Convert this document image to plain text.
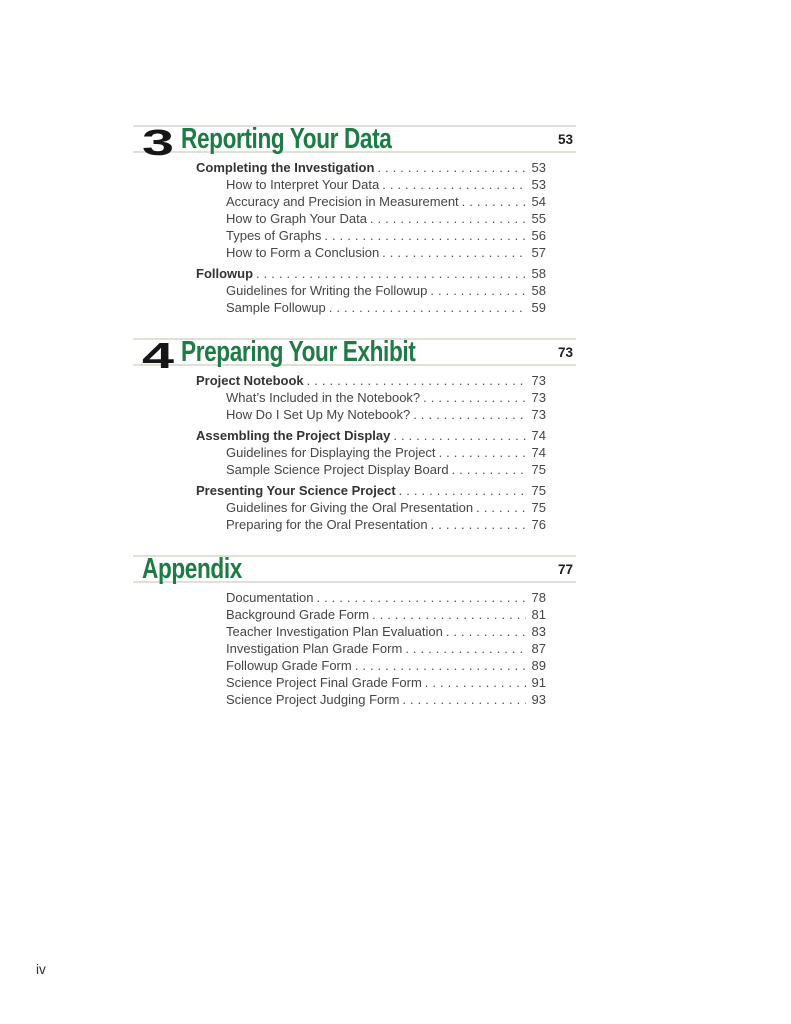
3 Reporting Your Data	53
Completing the Investigation .....	53
How to Interpret Your Data .....	53
Accuracy and Precision in Measurement .....	54
How to Graph Your Data .....	55
Types of Graphs .....	56
How to Form a Conclusion .....	57
Followup .....	58
Guidelines for Writing the Followup .....	58
Sample Followup .....	59
4 Preparing Your Exhibit	73
Project Notebook .....	73
What’s Included in the Notebook? .....	73
How Do I Set Up My Notebook? .....	73
Assembling the Project Display .....	74
Guidelines for Displaying the Project .....	74
Sample Science Project Display Board .....	75
Presenting Your Science Project .....	75
Guidelines for Giving the Oral Presentation .....	75
Preparing for the Oral Presentation .....	76
Appendix	77
Documentation .....	78
Background Grade Form .....	81
Teacher Investigation Plan Evaluation .....	83
Investigation Plan Grade Form .....	87
Followup Grade Form .....	89
Science Project Final Grade Form .....	91
Science Project Judging Form .....	93
iv
